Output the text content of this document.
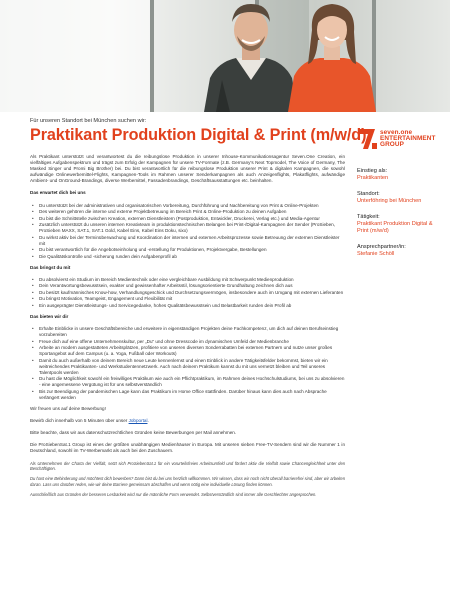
Für unseren Standort bei München suchen wir:
Praktikant Produktion Digital & Print (m/w/d) seven.one
ENTERTAINMENT
GROUP
Einstieg als:
Praktikanten
Standort:
Unterföhring bei München
Tätigkeit:
Praktikant Produktion Digital & Print (m/w/d)
Ansprechpartner/in:
Stefanie Schöll

Als Praktikant unterstützt und verantwortest du die reibungslose Produktion in unserer Inhouse-Kommunikationsagentur Seven.One Creation, ein vielfältiges Aufgabenspektrum und trägst zum Erfolg der Kampagnen für unsere TV-Formate (z.B. Germany's Next Topmodel, The Voice of Germany, The Masked Singer und Promi Big Brother) bei. Du bist verantwortlich für die reibungslose Produktion unserer Print & digitalen Kampagnen, die sowohl aufwändige Onlinewerbemittel-Flights, Kampagnen-Tools im Rahmen unserer Senderkampagnen als auch Anzeigenflights, Plakatflights, aufwändige Ambient- und OnGround-Brandings, diverse Werbemittel, Fassadenbrandings, Geschäftsausstattungen etc. beinhalten.

Das erwartet dich bei uns
• Du unterstützt bei der administrativen und organisatorischen Vorbereitung, Durchführung und Nachbereitung von Print & Online-Projekten
• Des weiteren gehören die interne und externe Projektbetreuung im Bereich Print & Online-Produktion zu deinen Aufgaben
• Du bist die Schnittstelle zwischen Kreation, externen Dienstleistern (Postproduktion, Entwickler, Druckerei, Verlag etc.) und Media-Agentur
• Zusätzlich unterstützt du unseren internen Kreativteam in produktionstechnischen Belangen bei Print-/Digital-Kampagnen der Sender (ProSieben, ProSieben MAXX, SAT.1, SAT.1 Gold, Kabel Eins, Kabel Eins Doku, sixx)
• Du wirkst aktiv bei der Terminüberwachung und Koordination der internen und externen Arbeitsprozesse sowie Betreuung der externen Dienstleister mit
• Du bist verantwortlich für die Angebotseinholung und -erstellung für Produktionen, Projektvergabe, Bestellungen
• Die Qualitätskontrolle und -sicherung runden dein Aufgabenprofil ab
Das bringst du mit
• Du absolvierst ein Studium im Bereich Medientechnik oder eine vergleichbare Ausbildung mit Schwerpunkt Medienproduktion
• Dein Verantwortungsbewusstsein, exakter und gewissenhafter Arbeitsstil, lösungsorientierte Grundhaltung zeichnen dich aus
• Du besitzt kaufmännisches Know-how, Verhandlungsgeschick und Durchsetzungsvermögen, insbesondere auch im Umgang mit externen Lieferanten
• Du bringst Motivation, Teamgeist, Engagement und Flexibilität mit
• Ein ausgeprägter Dienstleistungs- und Servicegedanke, hohes Qualitätsbewusstsein und Belastbarkeit runden dein Profil ab
Das bieten wir dir
• Erhalte Einblicke in unsere Geschäftsbereiche und erweitere in eigenständigen Projekten deine Fachkompetenz, um dich auf deinen Berufseinstieg vorzubereiten
• Freue dich auf eine offene Unternehmenskultur, per „Du“ und ohne Dresscode im dynamischen Umfeld der Medienbranche
• Arbeite an modern ausgestatteten Arbeitsplätzen, profitiere von unseren diversen Sonderrabatten bei externen Partnern und nutze unser großes Sportangebot auf dem Campus (u. a. Yoga, Fußball oder Workouts)
• Damit du auch außerhalb von deinem Bereich neue Leute kennenlernst und einen Einblick in andere Tätigkeitsfelder bekommst, bieten wir ein weitreichendes Praktikanten- und Werkstudentennetzwerk. Auch nach deinem Praktikum kannst du mit uns vernetzt bleiben und Teil unseres Talentpools werden
• Du hast die Möglichkeit sowohl ein freiwilliges Praktikum wie auch ein Pflichtpraktikum, im Rahmen deines Hochschulstudiums, bei uns zu absolvieren - eine angemessene Vergütung ist für uns selbstverständlich
• Bis zur Beendigung der pandemischen Lage kann das Praktikum im Home Office stattfinden. Darüber hinaus kann dies auch nach Absprache verlängert werden

Wir freuen uns auf deine Bewerbung!

Bewirb dich innerhalb von 5 Minuten über unser Jobportal.

Bitte beachte, dass wir aus datenschutzrechtlichen Gründen keine Bewerbungen per Mail annehmen.

Die ProSiebenSat.1 Group ist eines der größten unabhängigen Medienhäuser in Europa. Mit unseren sieben Free-TV-Sendern sind wir die Nummer 1 in Deutschland, sowohl im TV-Werbemarkt als auch bei den Zuschauern.

Als Unternehmen der Charta der Vielfalt, setzt sich ProSiebenSat.1 für ein vorurteilsfreies Arbeitsumfeld und fördert aktiv die Vielfalt sowie Chancengleichheit unter den Beschäftigten.

Du hast eine Behinderung und möchtest dich bewerben? Dann bist du bei uns herzlich willkommen. Wir wissen, dass wir noch nicht überall barrierefrei sind, aber wir arbeiten daran. Lass uns darüber reden, wie wir deine Barriere gemeinsam abschaffen und wenn nötig eine individuelle Lösung finden können.

Ausschließlich aus Gründen der besseren Lesbarkeit wird nur die männliche Form verwendet. Selbstverständlich sind immer alle Geschlechter angesprochen.
